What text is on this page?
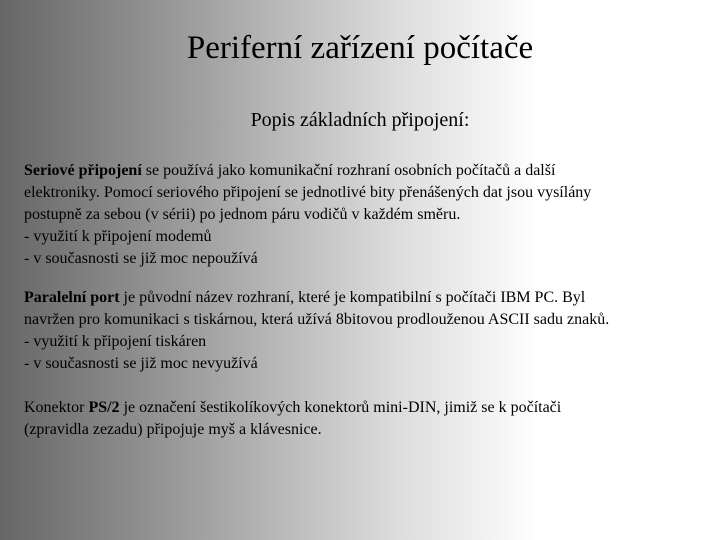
Periferní zařízení počítače
Popis základních připojení:
Seriové připojení se používá jako komunikační rozhraní osobních počítačů a další
elektroniky. Pomocí seriového připojení se jednotlivé bity přenášených dat jsou vysílány
postupně za sebou (v sérii) po jednom páru vodičů v každém směru.
- využití k připojení modemů
- v současnosti se již moc nepoužívá
Paralelní port je původní název rozhraní, které je kompatibilní s počítači IBM PC. Byl
navržen pro komunikaci s tiskárnou, která užívá 8bitovou prodlouženou ASCII sadu znaků.
- využití k připojení tiskáren
- v současnosti se již moc nevyužívá
Konektor PS/2 je označení šestikolíkových konektorů mini-DIN, jimiž se k počítači
(zpravidla zezadu) připojuje myš a klávesnice.
